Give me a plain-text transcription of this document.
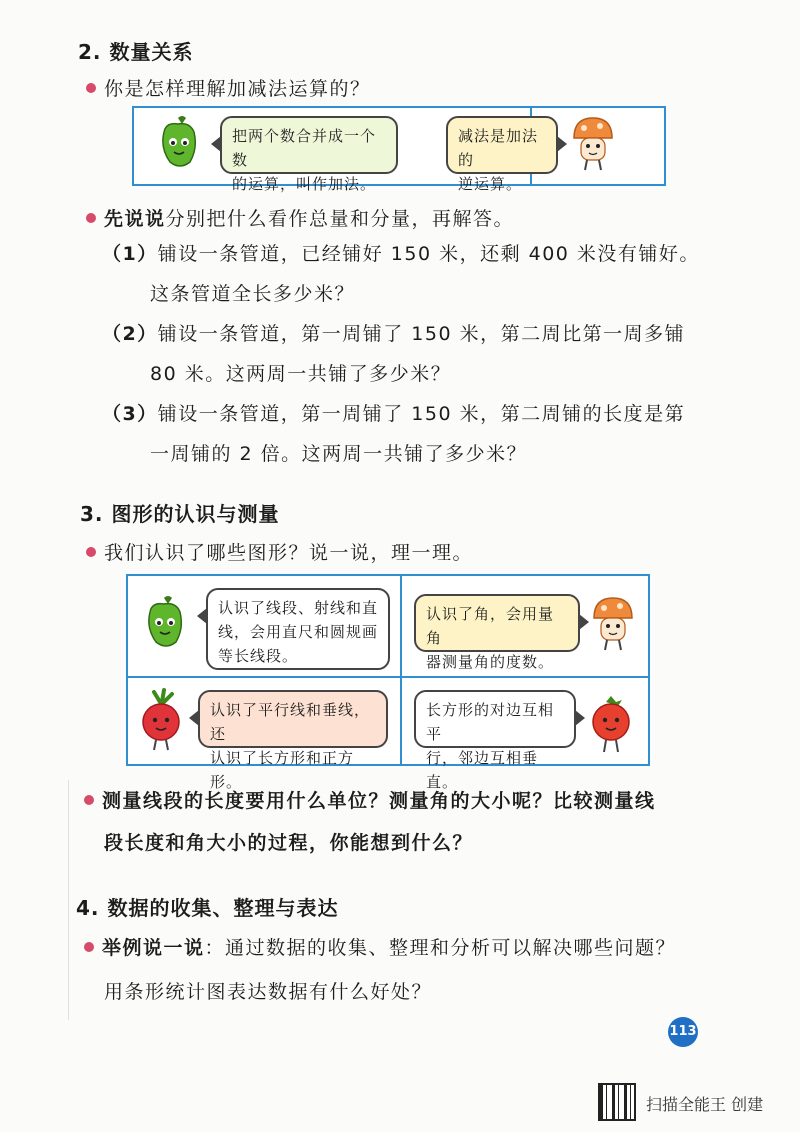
2. 数量关系
你是怎样理解加减法运算的？
把两个数合并成一个数
的运算，叫作加法。
减法是加法的
逆运算。
先说说分别把什么看作总量和分量，再解答。
（1）铺设一条管道，已经铺好 150 米，还剩 400 米没有铺好。
这条管道全长多少米？
（2）铺设一条管道，第一周铺了 150 米，第二周比第一周多铺
80 米。这两周一共铺了多少米？
（3）铺设一条管道，第一周铺了 150 米，第二周铺的长度是第
一周铺的 2 倍。这两周一共铺了多少米？
3. 图形的认识与测量
我们认识了哪些图形？说一说，理一理。
认识了线段、射线和直
线，会用直尺和圆规画
等长线段。
认识了角，会用量角
器测量角的度数。
认识了平行线和垂线，还
认识了长方形和正方形。
长方形的对边互相平
行，邻边互相垂直。
测量线段的长度要用什么单位？测量角的大小呢？比较测量线
段长度和角大小的过程，你能想到什么？
4. 数据的收集、整理与表达
举例说一说：通过数据的收集、整理和分析可以解决哪些问题？
用条形统计图表达数据有什么好处？
113
扫描全能王 创建
